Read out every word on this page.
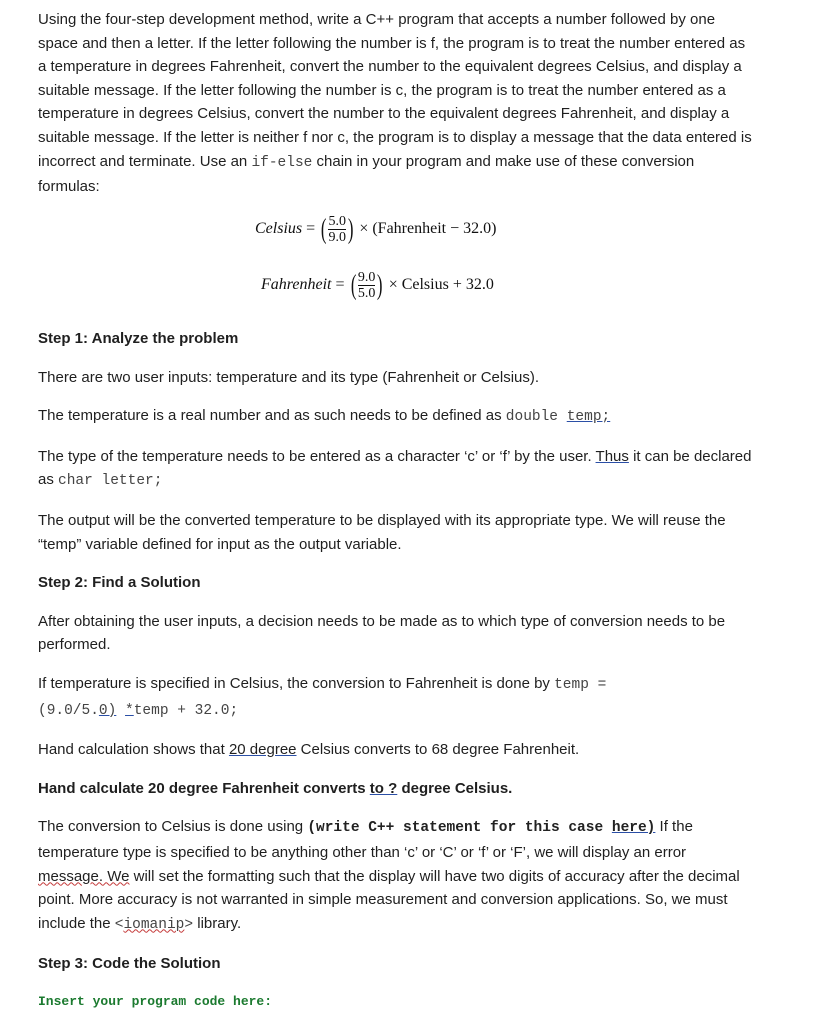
Using the four-step development method, write a C++ program that accepts a number followed by one space and then a letter. If the letter following the number is f, the program is to treat the number entered as a temperature in degrees Fahrenheit, convert the number to the equivalent degrees Celsius, and display a suitable message. If the letter following the number is c, the program is to treat the number entered as a temperature in degrees Celsius, convert the number to the equivalent degrees Fahrenheit, and display a suitable message. If the letter is neither f nor c, the program is to display a message that the data entered is incorrect and terminate. Use an if-else chain in your program and make use of these conversion formulas:

Celsius = ( $\frac{5.0}{9.0}$ ) × (Fahrenheit − 32.0)
Fahrenheit = ( $\frac{9.0}{5.0}$ ) × Celsius + 32.0

Step 1: Analyze the problem

There are two user inputs: temperature and its type (Fahrenheit or Celsius).

The temperature is a real number and as such needs to be defined as double temp;

The type of the temperature needs to be entered as a character ‘c’ or ‘f’ by the user. Thus it can be declared as char letter;

The output will be the converted temperature to be displayed with its appropriate type. We will reuse the “temp” variable defined for input as the output variable.

Step 2: Find a Solution

After obtaining the user inputs, a decision needs to be made as to which type of conversion needs to be performed.

If temperature is specified in Celsius, the conversion to Fahrenheit is done by temp =
(9.0/5.0) *temp + 32.0;

Hand calculation shows that 20 degree Celsius converts to 68 degree Fahrenheit.

Hand calculate 20 degree Fahrenheit converts to ? degree Celsius.

The conversion to Celsius is done using (write C++ statement for this case here) If the temperature type is specified to be anything other than ‘c’ or ‘C’ or ‘f’ or ‘F’, we will display an error message. We will set the formatting such that the display will have two digits of accuracy after the decimal point. More accuracy is not warranted in simple measurement and conversion applications. So, we must include the <iomanip> library.

Step 3: Code the Solution

Insert your program code here:
